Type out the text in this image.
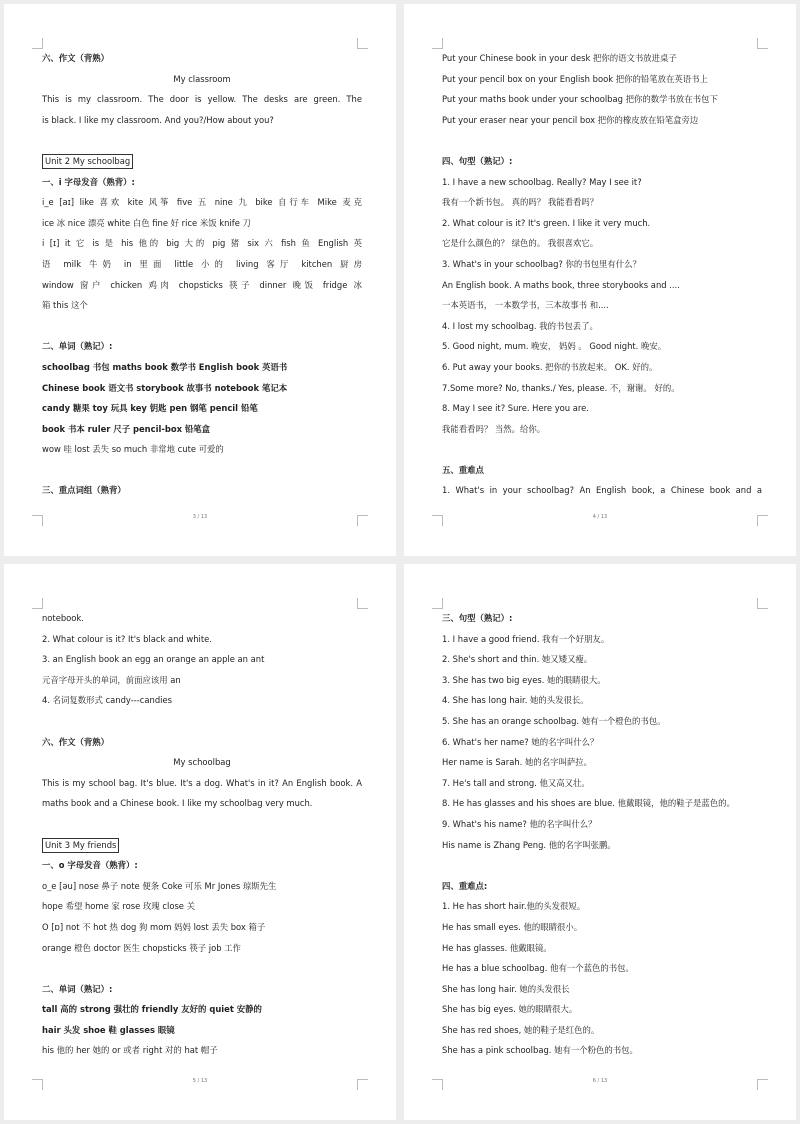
六、作文（背熟）
My classroom
This is my classroom. The door is yellow. The desks are green. The
is black. I like my classroom. And you?/How about you?
Unit 2 My schoolbag
一、i 字母发音（熟背）:
i_e [aɪ] like 喜欢 kite 风筝 five 五 nine 九 bike 自行车 Mike 麦克
ice 冰 nice 漂亮 white 白色 fine 好 rice 米饭 knife 刀
i [ɪ] it 它 is 是 his 他的 big 大的 pig 猪 six 六 fish 鱼 English 英
语 milk 牛奶 in 里面 little 小的 living 客厅 kitchen 厨房
window 窗户 chicken 鸡肉 chopsticks 筷子 dinner 晚饭 fridge 冰
箱 this 这个
二、单词（熟记）:
schoolbag 书包 maths book 数学书 English book 英语书
Chinese book 语文书 storybook 故事书 notebook 笔记本
candy 糖果 toy 玩具 key 钥匙 pen 钢笔 pencil 铅笔
book 书本 ruler 尺子 pencil-box 铅笔盒
wow 哇 lost 丢失 so much 非常地 cute 可爱的
三、重点词组（熟背）
3 / 13
Put your Chinese book in your desk 把你的语文书放进桌子
Put your pencil box on your English book 把你的铅笔放在英语书上
Put your maths book under your schoolbag 把你的数学书放在书包下
Put your eraser near your pencil box 把你的橡皮放在铅笔盒旁边
四、句型（熟记）:
1. I have a new schoolbag. Really? May I see it?
我有一个新书包。 真的吗？ 我能看看吗？
2. What colour is it? It's green. I like it very much.
它是什么颜色的？ 绿色的。 我很喜欢它。
3. What's in your schoolbag? 你的书包里有什么？
An English book. A maths book, three storybooks and ....
一本英语书， 一本数学书，三本故事书 和....
4. I lost my schoolbag. 我的书包丢了。
5. Good night, mum. 晚安， 妈妈 。 Good night. 晚安。
6. Put away your books. 把你的书放起来。 OK. 好的。
7.Some more? No, thanks./ Yes, please. 不，谢谢。 好的。
8. May I see it? Sure. Here you are.
我能看看吗？ 当然。给你。
五、重难点
1. What's in your schoolbag? An English book, a Chinese book and a
4 / 13
notebook.
2. What colour is it? It's black and white.
3. an English book an egg an orange an apple an ant
元音字母开头的单词，前面应该用 an
4. 名词复数形式 candy---candies
六、作文（背熟）
My schoolbag
This is my school bag. It's blue. It's a dog. What's in it? An English book. A
maths book and a Chinese book. I like my schoolbag very much.
Unit 3 My friends
一、o 字母发音（熟背）:
o_e [əu] nose 鼻子 note 便条 Coke 可乐 Mr Jones 琼斯先生
hope 希望 home 家 rose 玫瑰 close 关
O [ɒ] not 不 hot 热 dog 狗 mom 妈妈 lost 丢失 box 箱子
orange 橙色 doctor 医生 chopsticks 筷子 job 工作
二、单词（熟记）:
tall 高的 strong 强壮的 friendly 友好的 quiet 安静的
hair 头发 shoe 鞋 glasses 眼镜
his 他的 her 她的 or 或者 right 对的 hat 帽子
5 / 13
三、句型（熟记）:
1. I have a good friend. 我有一个好朋友。
2. She's short and thin. 她又矮又瘦。
3. She has two big eyes. 她的眼睛很大。
4. She has long hair. 她的头发很长。
5. She has an orange schoolbag. 她有一个橙色的书包。
6. What's her name? 她的名字叫什么？
Her name is Sarah. 她的名字叫萨拉。
7. He's tall and strong. 他又高又壮。
8. He has glasses and his shoes are blue. 他戴眼镜，他的鞋子是蓝色的。
9. What's his name? 他的名字叫什么？
His name is Zhang Peng. 他的名字叫张鹏。
四、重难点:
1. He has short hair.他的头发很短。
He has small eyes. 他的眼睛很小。
He has glasses. 他戴眼镜。
He has a blue schoolbag. 他有一个蓝色的书包。
She has long hair. 她的头发很长
She has big eyes. 她的眼睛很大。
She has red shoes, 她的鞋子是红色的。
She has a pink schoolbag. 她有一个粉色的书包。
6 / 13
